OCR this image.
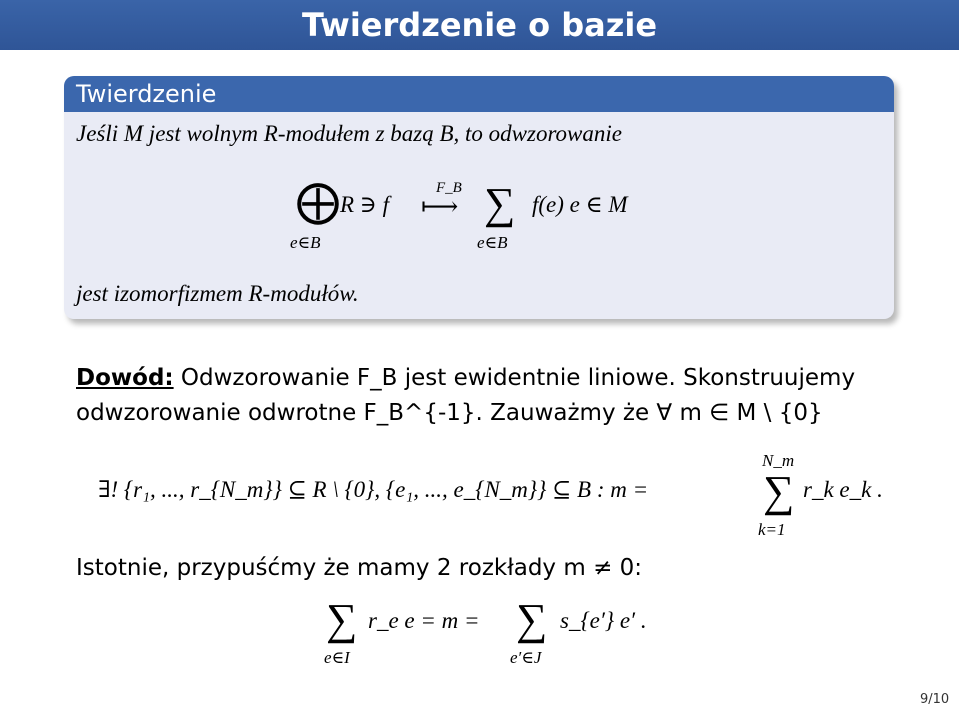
Twierdzenie o bazie
Twierdzenie
Jeśli M jest wolnym R-modułem z bazą B, to odwzorowanie
⨁
e∈B
R ∋ f
F_B
⟼ ∑
e∈B
f(e) e ∈ M
jest izomorfizmem R-modułów.
Dowód: Odwzorowanie F_B jest ewidentnie liniowe. Skonstruujemy
odwzorowanie odwrotne F_B^{-1}. Zauważmy że ∀ m ∈ M \ {0}
∃! {r₁, ..., r_{N_m}} ⊆ R \ {0}, {e₁, ..., e_{N_m}} ⊆ B : m =
N_m
∑
k=1
r_k e_k .
Istotnie, przypuśćmy że mamy 2 rozkłady m ≠ 0:
∑
e∈I
r_e e = m = ∑
e′∈J
s_{e′} e′ .
9/10
